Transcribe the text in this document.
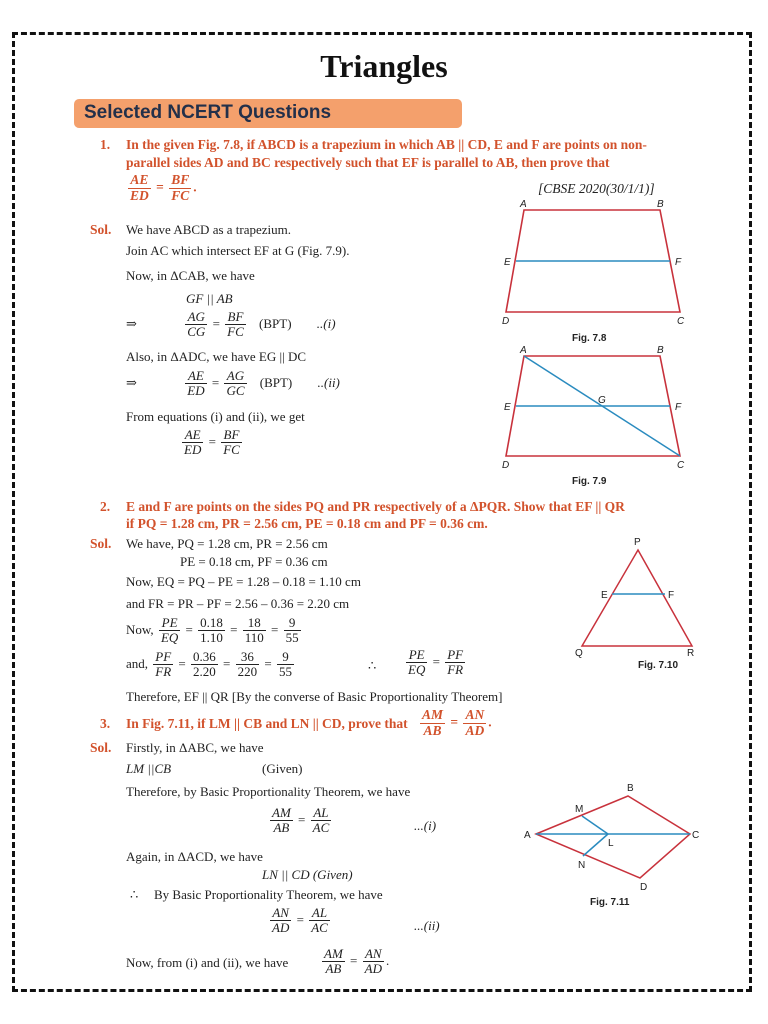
Triangles
Selected NCERT Questions
1. In the given Fig. 7.8, if ABCD is a trapezium in which AB || CD, E and F are points on non-
parallel sides AD and BC respectively such that EF is parallel to AB, then prove that
$\frac{AE}{ED} = \frac{BF}{FC}$ .	[CBSE 2020(30/1/1)]
Sol. We have ABCD as a trapezium.
Join AC which intersect EF at G (Fig. 7.9).
Now, in ΔCAB, we have
GF || AB
⇒	$\frac{AG}{CG} = \frac{BF}{FC} (BPT)$ ..(i)
Also, in ΔADC, we have EG || DC
⇒	$\frac{AE}{ED} = \frac{AG}{GC} (BPT)$ ..(ii)
From equations (i) and (ii), we get
$\frac{AE}{ED} = \frac{BF}{FC}$
A	B
C
D
E	F
Fig. 7.8
A	B
C
D
E	F
G
Fig. 7.9
2. E and F are points on the sides PQ and PR respectively of a ΔPQR. Show that EF || QR
if PQ = 1.28 cm, PR = 2.56 cm, PE = 0.18 cm and PF = 0.36 cm.
Sol. We have, PQ = 1.28 cm, PR = 2.56 cm
PE = 0.18 cm, PF = 0.36 cm
Now, EQ = PQ – PE = 1.28 – 0.18 = 1.10 cm
and FR = PR – PF = 2.56 – 0.36 = 2.20 cm
Now, $\frac{PE}{EQ} = \frac{0.18}{1.10} = \frac{18}{110} = \frac{9}{55}$
and, $\frac{PF}{FR} = \frac{0.36}{2.20} = \frac{36}{220} = \frac{9}{55}$	∴ $\frac{PE}{EQ} = \frac{PF}{FR}$
Therefore, EF || QR [By the converse of Basic Proportionality Theorem]
P
Q	R
E	F
Fig. 7.10
3. In Fig. 7.11, if LM || CB and LN || CD, prove that $\frac{AM}{AB} = \frac{AN}{AD}$ .
Sol. Firstly, in ΔABC, we have
LM ||CB	(Given)
Therefore, by Basic Proportionality Theorem, we have
$\frac{AM}{AB} = \frac{AL}{AC}$	...(i)
Again, in ΔACD, we have
LN || CD (Given)
∴ By Basic Proportionality Theorem, we have
$\frac{AN}{AD} = \frac{AL}{AC}$	...(ii)
Now, from (i) and (ii), we have	$\frac{AM}{AB} = \frac{AN}{AD}$ .
A
B
C
D
M
N
L
Fig. 7.11
